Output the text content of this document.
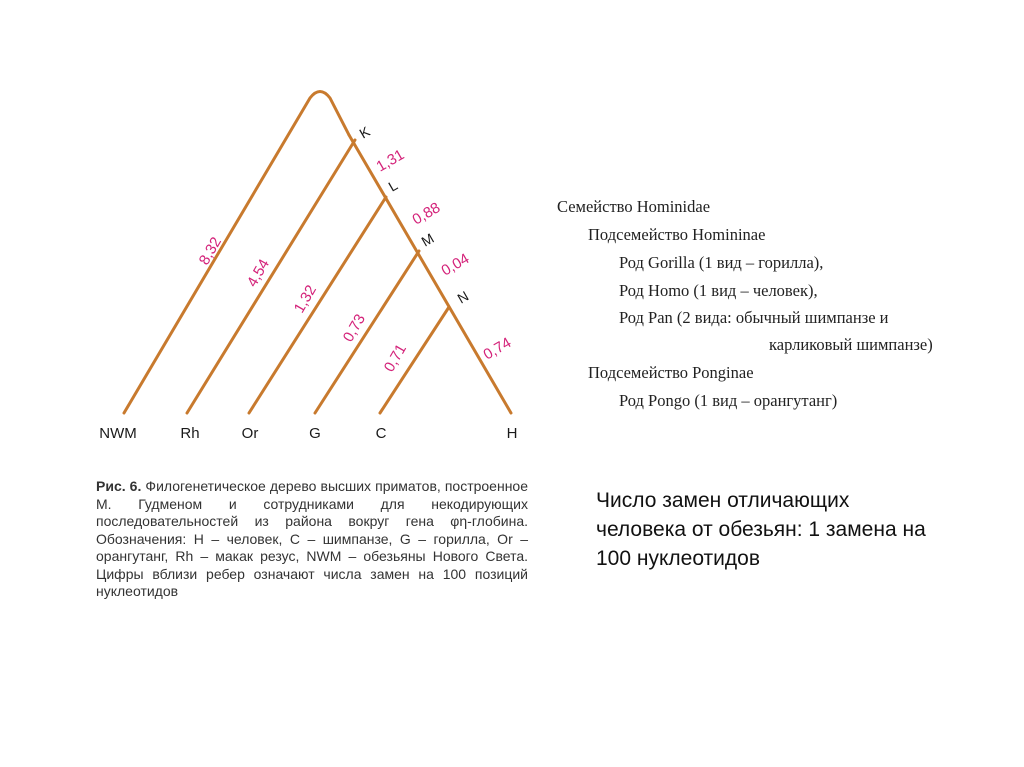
K
L
M
N
8,32
4,54
1,32
0,73
0,71
1,31
0,88
0,04
0,74
NWM	Rh	Or	G	C	H

Рис. 6. Филогенетическое дерево высших приматов, построенное М. Гудменом и сотрудниками для некодирующих последовательностей из района вокруг гена φη-глобина. Обозначения: H – человек, C – шимпанзе, G – горилла, Or – орангутанг, Rh – макак резус, NWM – обезьяны Нового Света. Цифры вблизи ребер означают числа замен на 100 позиций нуклеотидов

Семейство Hominidae

Подсемейство Homininae

Род Gorilla (1 вид – горилла),

Род Homo (1 вид – человек),

Род Pan (2 вида: обычный шимпанзе и

карликовый шимпанзе)

Подсемейство Ponginae

Род Pongo (1 вид – орангутанг)

Число замен отличающих человека от обезьян: 1 замена на 100 нуклеотидов
